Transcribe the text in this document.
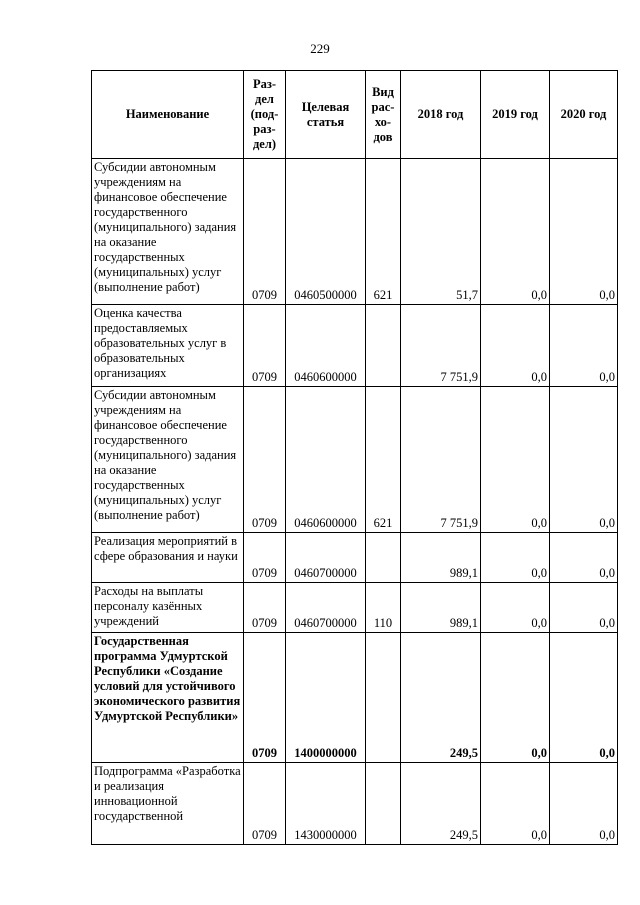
229
Наименование	Раз-дел (под-раз-дел)	Целевая статья	Вид рас-хо-дов	2018 год	2019 год	2020 год
Субсидии автономным учреждениям на финансовое обеспечение государственного (муниципального) задания на оказание государственных (муниципальных) услуг (выполнение работ)	0709	0460500000	621	51,7	0,0	0,0
Оценка качества предоставляемых образовательных услуг в образовательных организациях	0709	0460600000		7 751,9	0,0	0,0
Субсидии автономным учреждениям на финансовое обеспечение государственного (муниципального) задания на оказание государственных (муниципальных) услуг (выполнение работ)	0709	0460600000	621	7 751,9	0,0	0,0
Реализация мероприятий в сфере образования и науки	0709	0460700000		989,1	0,0	0,0
Расходы на выплаты персоналу казённых учреждений	0709	0460700000	110	989,1	0,0	0,0
Государственная программа Удмуртской Республики «Создание условий для устойчивого экономического развития Удмуртской Республики»	0709	1400000000		249,5	0,0	0,0
Подпрограмма «Разработка и реализация инновационной государственной	0709	1430000000		249,5	0,0	0,0
